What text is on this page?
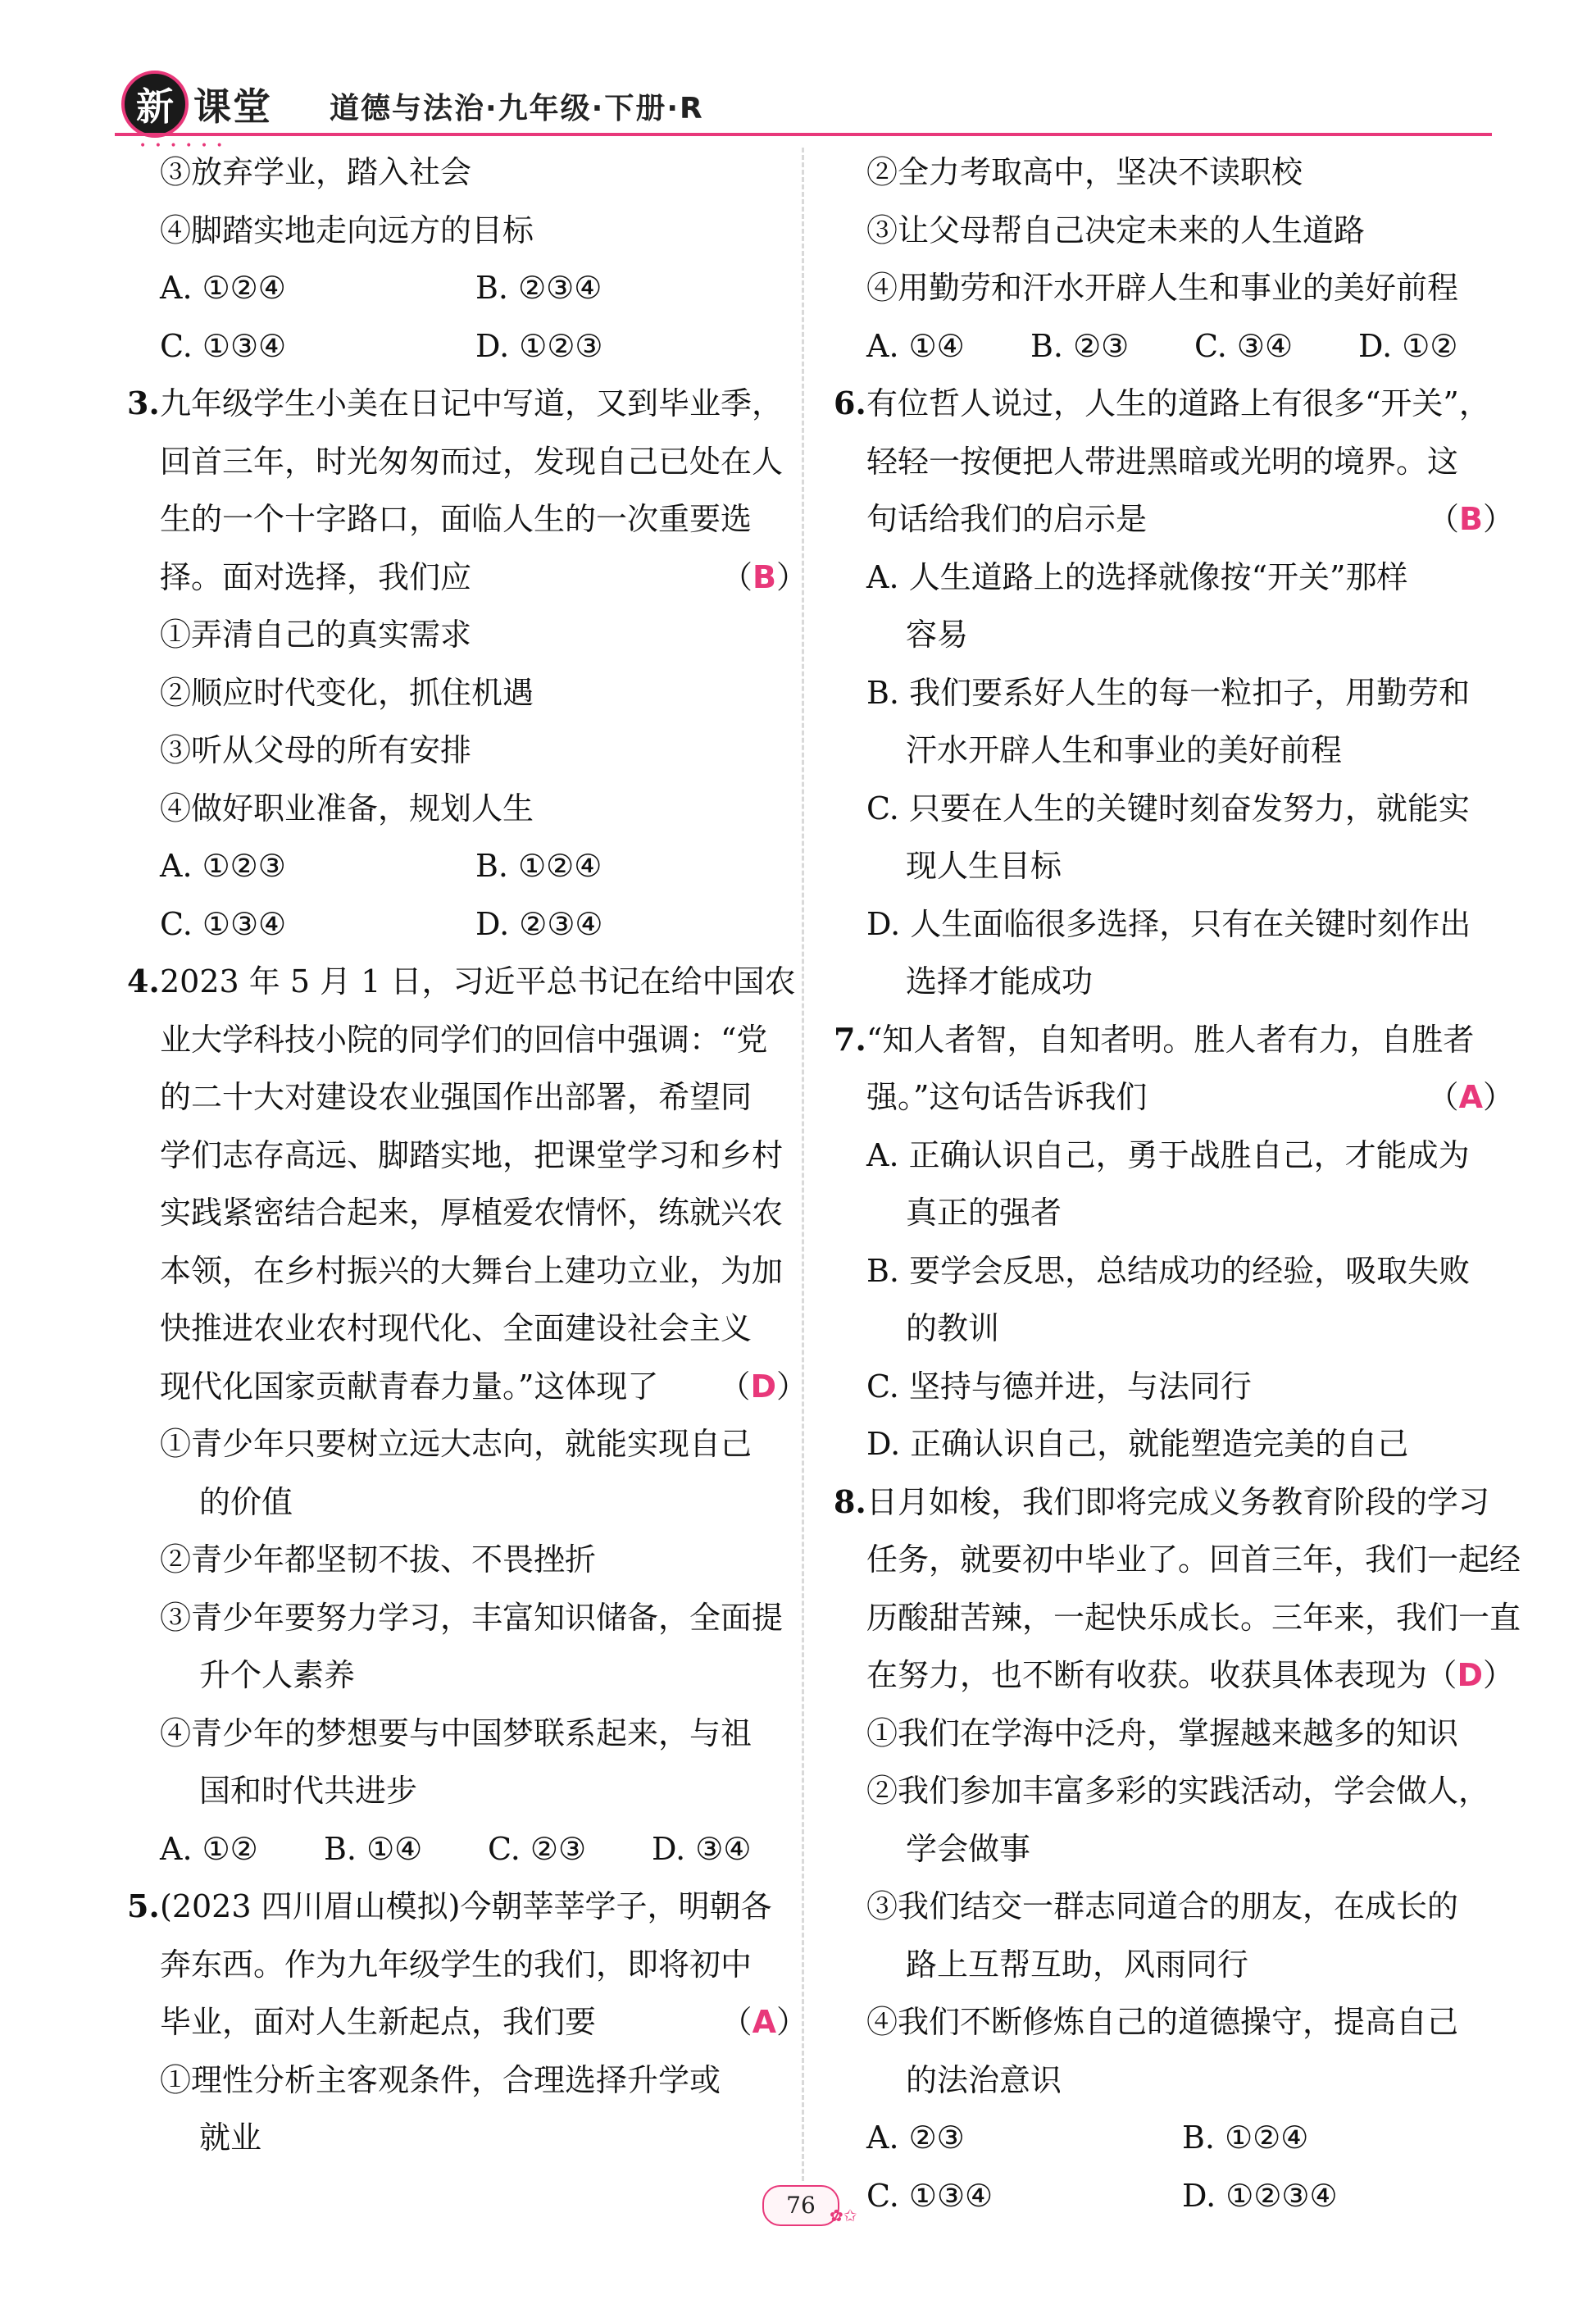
新 课堂 道德与法治·九年级·下册·R
• • • • • •
③放弃学业，踏入社会
④脚踏实地走向远方的目标
A. ①②④	B. ②③④
C. ①③④	D. ①②③
3. 九年级学生小美在日记中写道，又到毕业季，
回首三年，时光匆匆而过，发现自己已处在人
生的一个十字路口，面临人生的一次重要选
择。面对选择，我们应	（B）
①弄清自己的真实需求
②顺应时代变化，抓住机遇
③听从父母的所有安排
④做好职业准备，规划人生
A. ①②③	B. ①②④
C. ①③④	D. ②③④
4. 2023 年 5 月 1 日，习近平总书记在给中国农
业大学科技小院的同学们的回信中强调：“党
的二十大对建设农业强国作出部署，希望同
学们志存高远、脚踏实地，把课堂学习和乡村
实践紧密结合起来，厚植爱农情怀，练就兴农
本领，在乡村振兴的大舞台上建功立业，为加
快推进农业农村现代化、全面建设社会主义
现代化国家贡献青春力量。”这体现了 （D）
①青少年只要树立远大志向，就能实现自己
的价值
②青少年都坚韧不拔、不畏挫折
③青少年要努力学习，丰富知识储备，全面提
升个人素养
④青少年的梦想要与中国梦联系起来，与祖
国和时代共进步
A. ①②	B. ①④	C. ②③	D. ③④
5. (2023 四川眉山模拟)今朝莘莘学子，明朝各
奔东西。作为九年级学生的我们，即将初中
毕业，面对人生新起点，我们要	（A）
①理性分析主客观条件，合理选择升学或
就业
②全力考取高中，坚决不读职校
③让父母帮自己决定未来的人生道路
④用勤劳和汗水开辟人生和事业的美好前程
A. ①④	B. ②③	C. ③④	D. ①②
6. 有位哲人说过，人生的道路上有很多“开关”，
轻轻一按便把人带进黑暗或光明的境界。这
句话给我们的启示是	（B）
A. 人生道路上的选择就像按“开关”那样
容易
B. 我们要系好人生的每一粒扣子，用勤劳和
汗水开辟人生和事业的美好前程
C. 只要在人生的关键时刻奋发努力，就能实
现人生目标
D. 人生面临很多选择，只有在关键时刻作出
选择才能成功
7. “知人者智，自知者明。胜人者有力，自胜者
强。”这句话告诉我们	（A）
A. 正确认识自己，勇于战胜自己，才能成为
真正的强者
B. 要学会反思，总结成功的经验，吸取失败
的教训
C. 坚持与德并进，与法同行
D. 正确认识自己，就能塑造完美的自己
8. 日月如梭，我们即将完成义务教育阶段的学习
任务，就要初中毕业了。回首三年，我们一起经
历酸甜苦辣，一起快乐成长。三年来，我们一直
在努力，也不断有收获。收获具体表现为
（D）
①我们在学海中泛舟，掌握越来越多的知识
②我们参加丰富多彩的实践活动，学会做人，
学会做事
③我们结交一群志同道合的朋友，在成长的
路上互帮互助，风雨同行
④我们不断修炼自己的道德操守，提高自己
的法治意识
A. ②③	B. ①②④
C. ①③④	D. ①②③④
76 ✿✩
